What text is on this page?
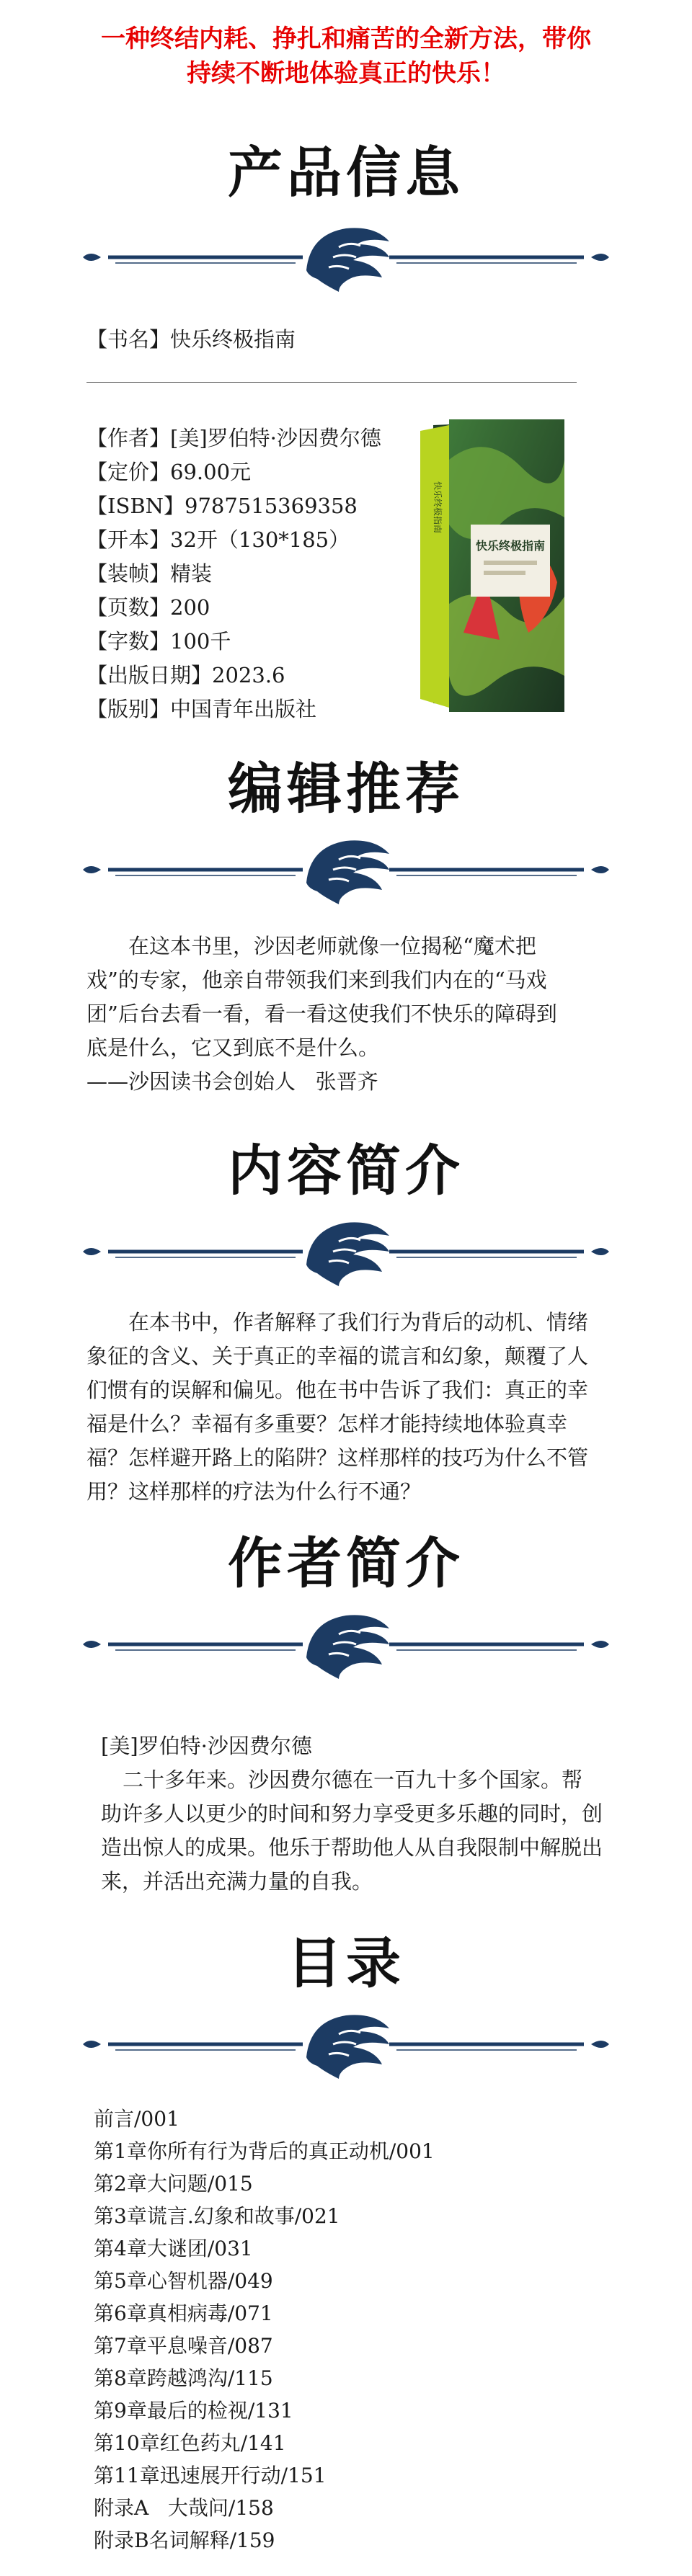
一种终结内耗、挣扎和痛苦的全新方法，带你
持续不断地体验真正的快乐！
产品信息
【书名】快乐终极指南
【作者】[美]罗伯特·沙因费尔德
【定价】69.00元
【ISBN】9787515369358
【开本】32开（130*185）
【装帧】精装
【页数】200
【字数】100千
【出版日期】2023.6
【版别】中国青年出版社
快乐终极指南
快乐终极指南
编辑推荐
在这本书里，沙因老师就像一位揭秘“魔术把
戏”的专家，他亲自带领我们来到我们内在的“马戏
团”后台去看一看，看一看这使我们不快乐的障碍到
底是什么，它又到底不是什么。
——沙因读书会创始人   张晋齐
内容简介
在本书中，作者解释了我们行为背后的动机、情绪
象征的含义、关于真正的幸福的谎言和幻象，颠覆了人
们惯有的误解和偏见。他在书中告诉了我们：真正的幸
福是什么？幸福有多重要？怎样才能持续地体验真幸
福？怎样避开路上的陷阱？这样那样的技巧为什么不管
用？这样那样的疗法为什么行不通？
作者简介
[美]罗伯特·沙因费尔德
二十多年来。沙因费尔德在一百九十多个国家。帮
助许多人以更少的时间和努力享受更多乐趣的同时，创
造出惊人的成果。他乐于帮助他人从自我限制中解脱出
来，并活出充满力量的自我。
目录
前言/001
第1章你所有行为背后的真正动机/001
第2章大问题/015
第3章谎言.幻象和故事/021
第4章大谜团/031
第5章心智机器/049
第6章真相病毒/071
第7章平息噪音/087
第8章跨越鸿沟/115
第9章最后的检视/131
第10章红色药丸/141
第11章迅速展开行动/151
附录A   大哉问/158
附录B名词解释/159
